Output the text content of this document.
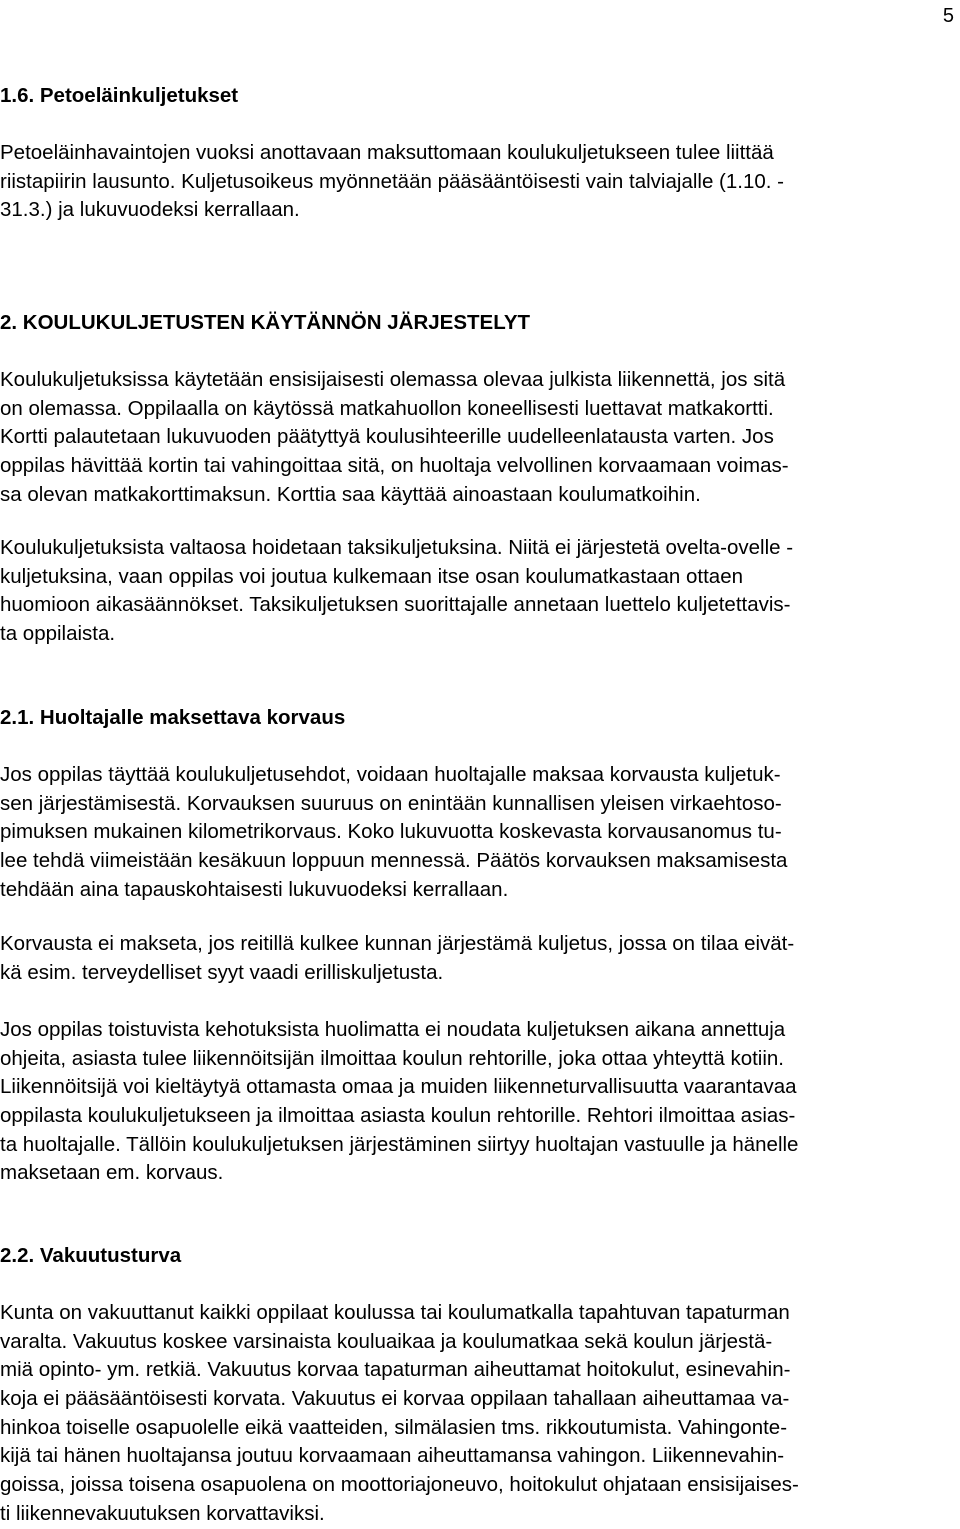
5
1.6. Petoeläinkuljetukset
Petoeläinhavaintojen vuoksi anottavaan maksuttomaan koulukuljetukseen tulee liittää
riistapiirin lausunto. Kuljetusoikeus myönnetään pääsääntöisesti vain talviajalle (1.10. -
31.3.) ja lukuvuodeksi kerrallaan.
2. KOULUKULJETUSTEN KÄYTÄNNÖN JÄRJESTELYT
Koulukuljetuksissa käytetään ensisijaisesti olemassa olevaa julkista liikennettä, jos sitä
on olemassa. Oppilaalla on käytössä matkahuollon koneellisesti luettavat matkakortti.
Kortti palautetaan lukuvuoden päätyttyä koulusihteerille uudelleenlatausta varten. Jos
oppilas hävittää kortin tai vahingoittaa sitä, on huoltaja velvollinen korvaamaan voimas-
sa olevan matkakorttimaksun. Korttia saa käyttää ainoastaan koulumatkoihin.
Koulukuljetuksista valtaosa hoidetaan taksikuljetuksina. Niitä ei järjestetä ovelta-ovelle -
kuljetuksina, vaan oppilas voi joutua kulkemaan itse osan koulumatkastaan ottaen
huomioon aikasäännökset. Taksikuljetuksen suorittajalle annetaan luettelo kuljetettavis-
ta oppilaista.
2.1. Huoltajalle maksettava korvaus
Jos oppilas täyttää koulukuljetusehdot, voidaan huoltajalle maksaa korvausta kuljetuk-
sen järjestämisestä. Korvauksen suuruus on enintään kunnallisen yleisen virkaehtoso-
pimuksen mukainen kilometrikorvaus. Koko lukuvuotta koskevasta korvausanomus tu-
lee tehdä viimeistään kesäkuun loppuun mennessä. Päätös korvauksen maksamisesta
tehdään aina tapauskohtaisesti lukuvuodeksi kerrallaan.
Korvausta ei makseta, jos reitillä kulkee kunnan järjestämä kuljetus, jossa on tilaa eivät-
kä esim. terveydelliset syyt vaadi erilliskuljetusta.
Jos oppilas toistuvista kehotuksista huolimatta ei noudata kuljetuksen aikana annettuja
ohjeita, asiasta tulee liikennöitsijän ilmoittaa koulun rehtorille, joka ottaa yhteyttä kotiin.
Liikennöitsijä voi kieltäytyä ottamasta omaa ja muiden liikenneturvallisuutta vaarantavaa
oppilasta koulukuljetukseen ja ilmoittaa asiasta koulun rehtorille. Rehtori ilmoittaa asias-
ta huoltajalle. Tällöin koulukuljetuksen järjestäminen siirtyy huoltajan vastuulle ja hänelle
maksetaan em. korvaus.
2.2. Vakuutusturva
Kunta on vakuuttanut kaikki oppilaat koulussa tai koulumatkalla tapahtuvan tapaturman
varalta. Vakuutus koskee varsinaista kouluaikaa ja koulumatkaa sekä koulun järjestä-
miä opinto- ym. retkiä. Vakuutus korvaa tapaturman aiheuttamat hoitokulut, esinevahin-
koja ei pääsääntöisesti korvata. Vakuutus ei korvaa oppilaan tahallaan aiheuttamaa va-
hinkoa toiselle osapuolelle eikä vaatteiden, silmälasien tms. rikkoutumista. Vahingonte-
kijä tai hänen huoltajansa joutuu korvaamaan aiheuttamansa vahingon. Liikennevahin-
goissa, joissa toisena osapuolena on moottoriajoneuvo, hoitokulut ohjataan ensisijaises-
ti liikennevakuutuksen korvattaviksi.
